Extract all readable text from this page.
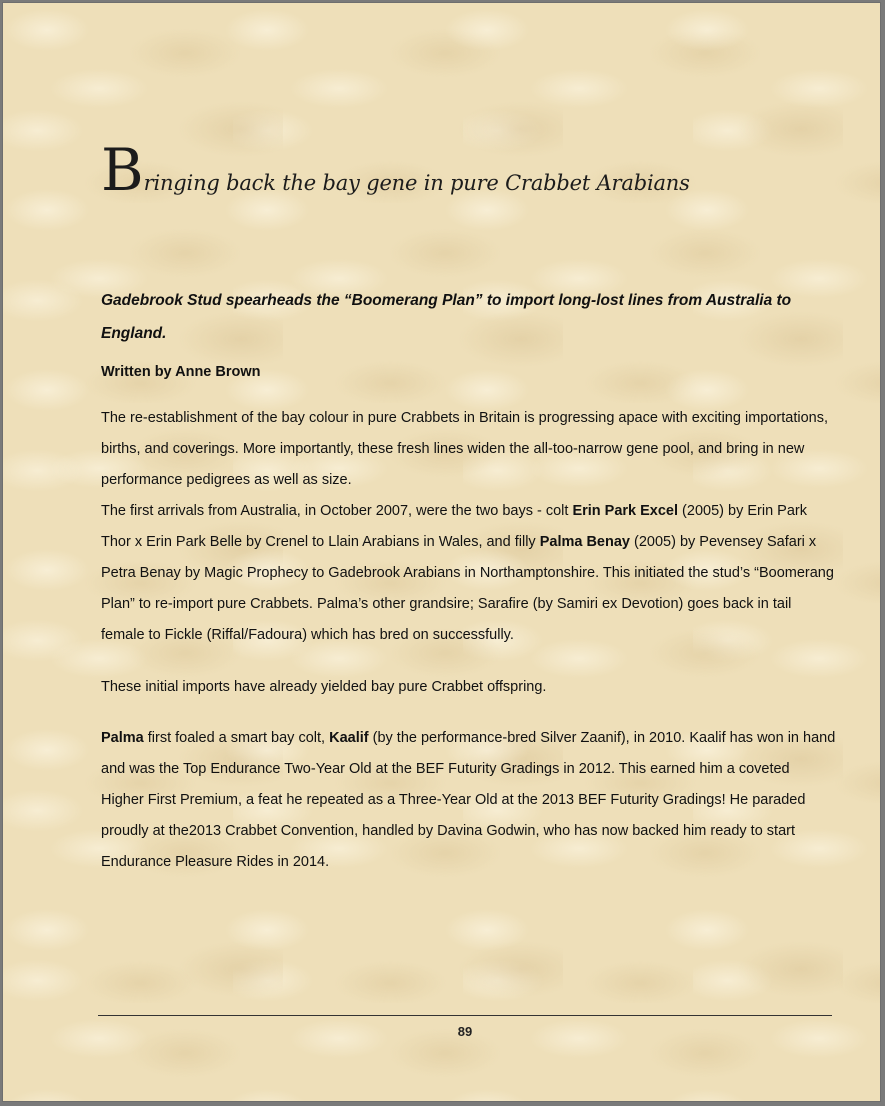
Bringing back the bay gene in pure Crabbet Arabians

Gadebrook Stud spearheads the “Boomerang Plan” to import long-lost lines from Australia to England.

Written by Anne Brown

The re-establishment of the bay colour in pure Crabbets in Britain is progressing apace with exciting importations, births, and coverings. More importantly, these fresh lines widen the all-too-narrow gene pool, and bring in new performance pedigrees as well as size.
The first arrivals from Australia, in October 2007, were the two bays - colt Erin Park Excel (2005) by Erin Park Thor x Erin Park Belle by Crenel to Llain Arabians in Wales, and filly Palma Benay (2005) by Pevensey Safari x Petra Benay by Magic Prophecy to Gadebrook Arabians in Northamptonshire. This initiated the stud’s “Boomerang Plan” to re-import pure Crabbets. Palma’s other grandsire; Sarafire (by Samiri ex Devotion) goes back in tail female to Fickle (Riffal/Fadoura) which has bred on successfully.

These initial imports have already yielded bay pure Crabbet offspring.

Palma first foaled a smart bay colt, Kaalif (by the performance-bred Silver Zaanif), in 2010. Kaalif has won in hand and was the Top Endurance Two-Year Old at the BEF Futurity Gradings in 2012. This earned him a coveted Higher First Premium, a feat he repeated as a Three-Year Old at the 2013 BEF Futurity Gradings! He paraded proudly at the2013 Crabbet Convention, handled by Davina Godwin, who has now backed him ready to start Endurance Pleasure Rides in 2014.

89
